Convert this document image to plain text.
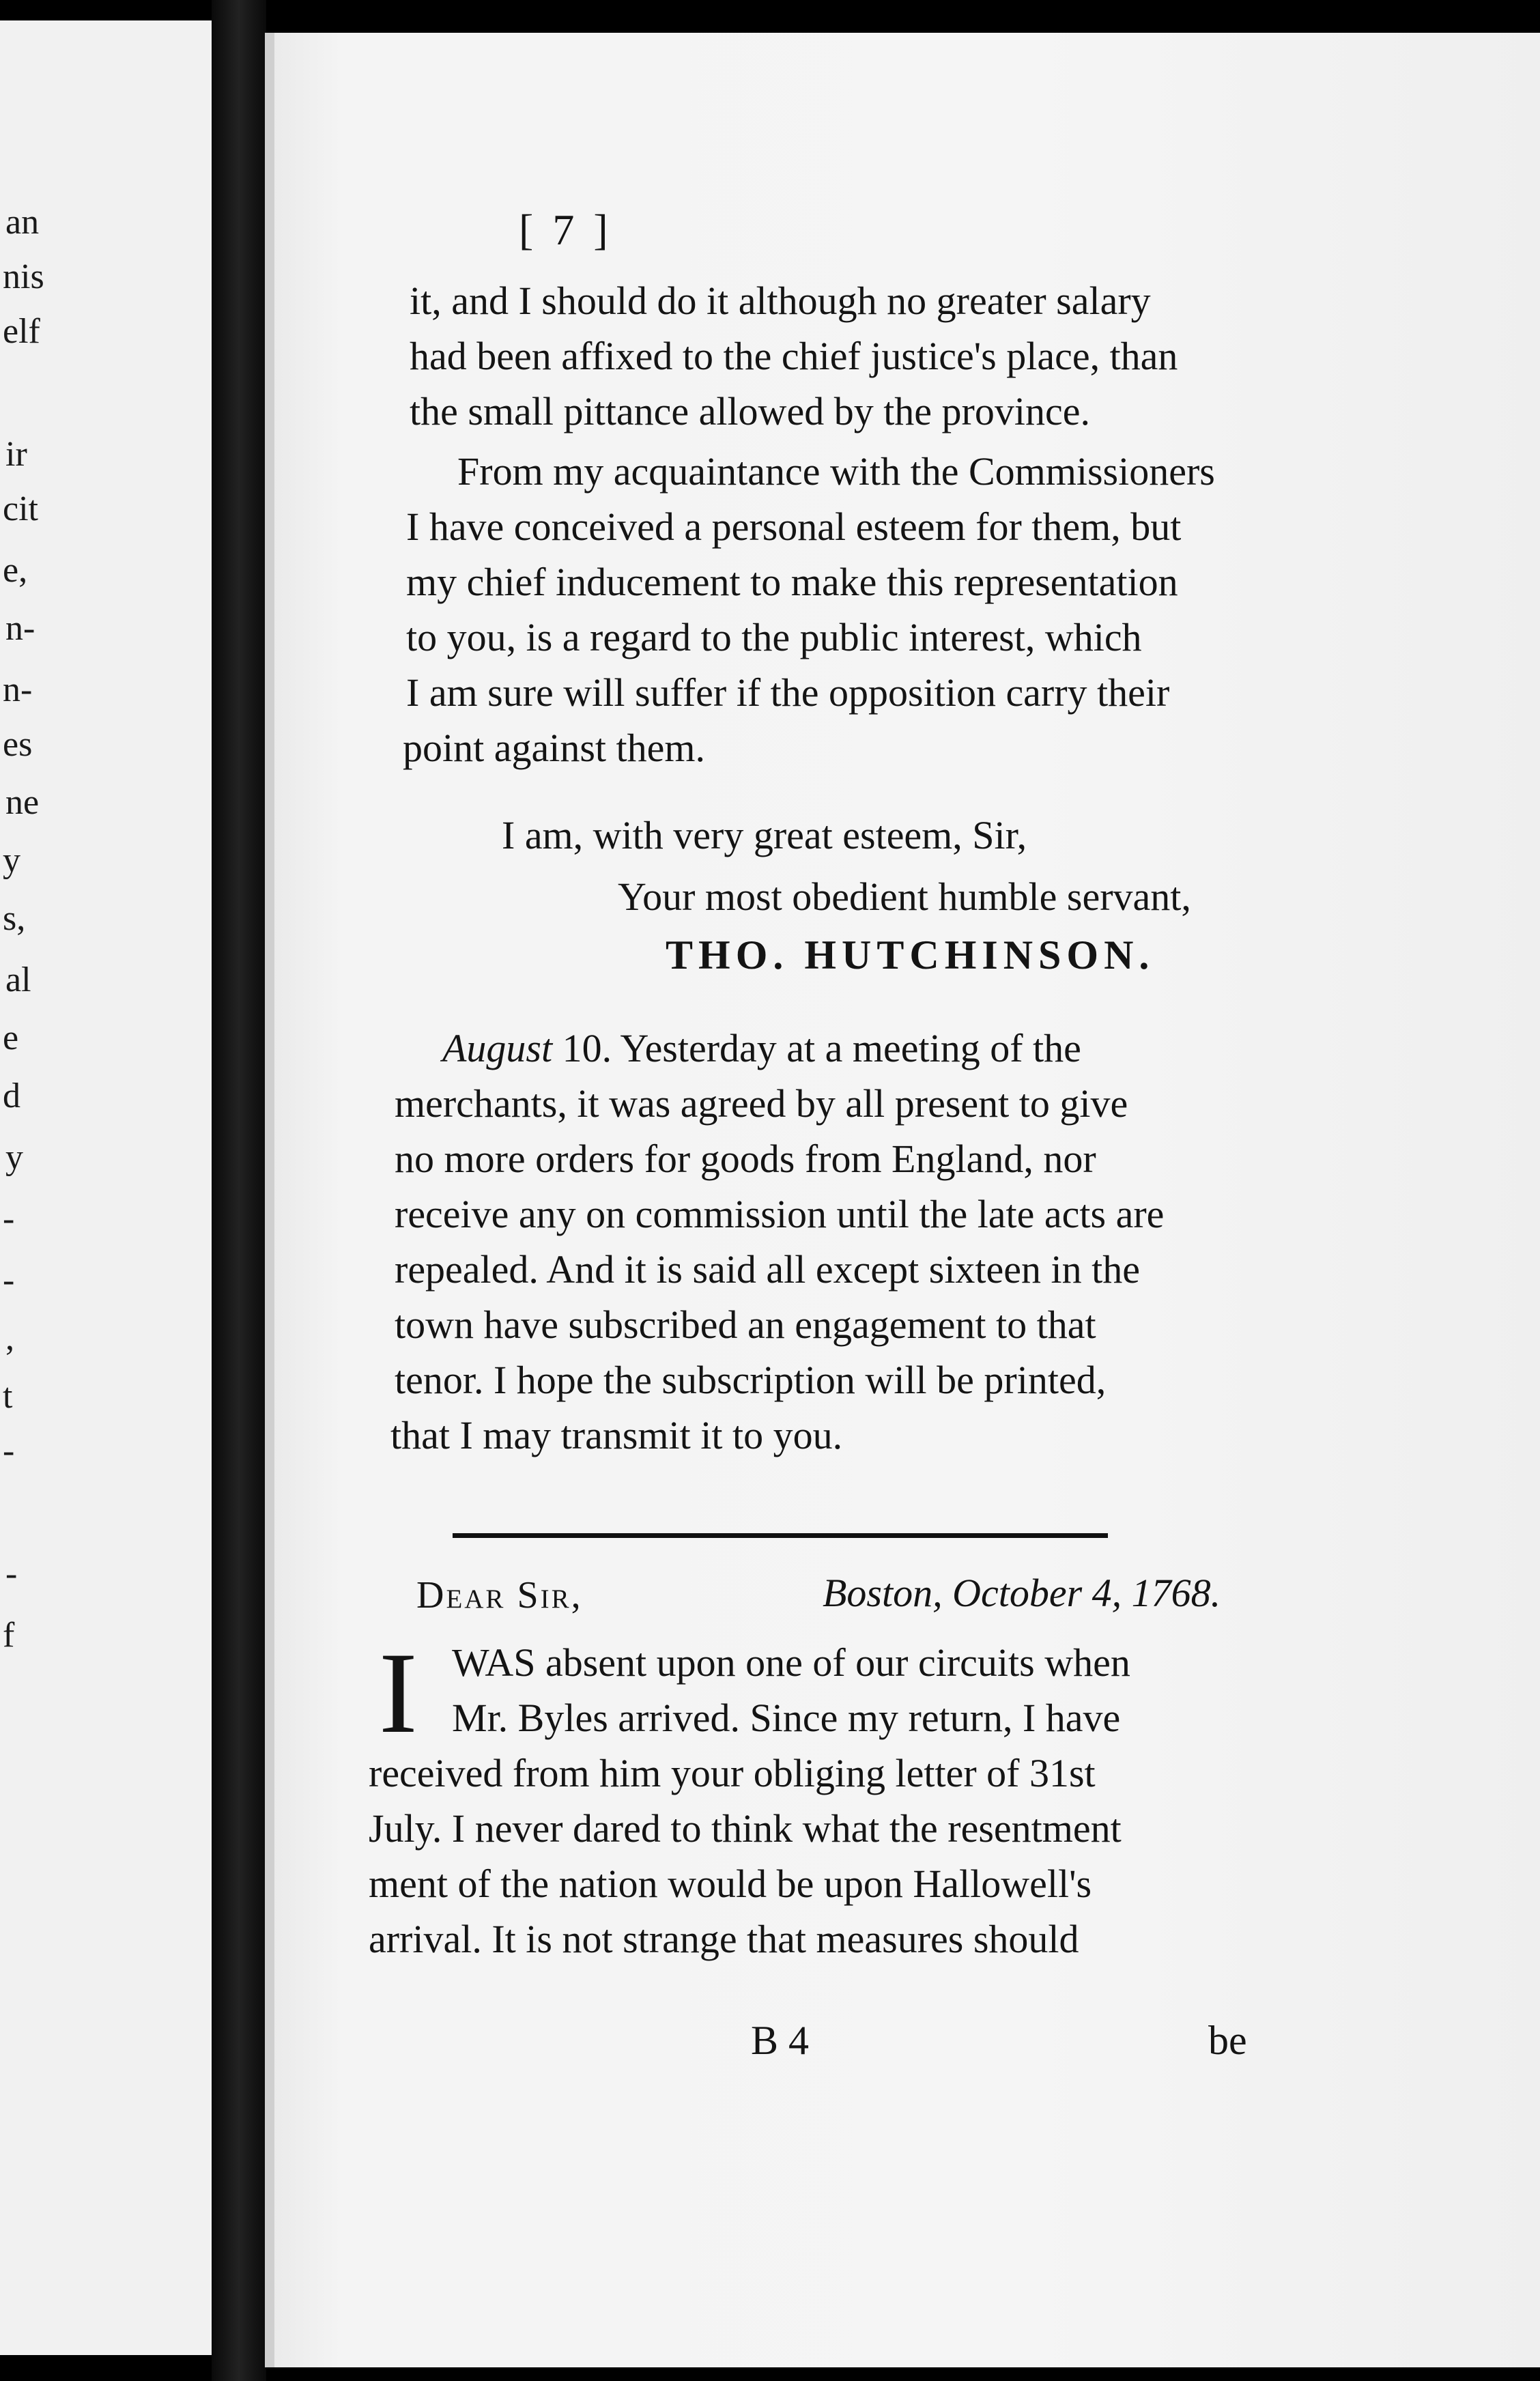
an
nis
elf
ir
cit
e,
n-
n-
es
ne
y
s,
al
e
d
y
-
-
,
t
-
-
f
[ 7 ]
it, and I should do it although no greater salary
had been affixed to the chief justice's place, than
the small pittance allowed by the province.
From my acquaintance with the Commissioners
I have conceived a personal esteem for them, but
my chief inducement to make this representation
to you, is a regard to the public interest, which
I am sure will suffer if the opposition carry their
point against them.
I am, with very great esteem, Sir,
Your most obedient humble servant,
THO. HUTCHINSON.
August 10. Yesterday at a meeting of the
merchants, it was agreed by all present to give
no more orders for goods from England, nor
receive any on commission until the late acts are
repealed. And it is said all except sixteen in the
town have subscribed an engagement to that
tenor. I hope the subscription will be printed,
that I may transmit it to you.
Dear Sir,	Boston, October 4, 1768.
I WAS absent upon one of our circuits when
Mr. Byles arrived. Since my return, I have
received from him your obliging letter of 31st
July. I never dared to think what the resentment
ment of the nation would be upon Hallowell's
arrival. It is not strange that measures should
B 4	be
